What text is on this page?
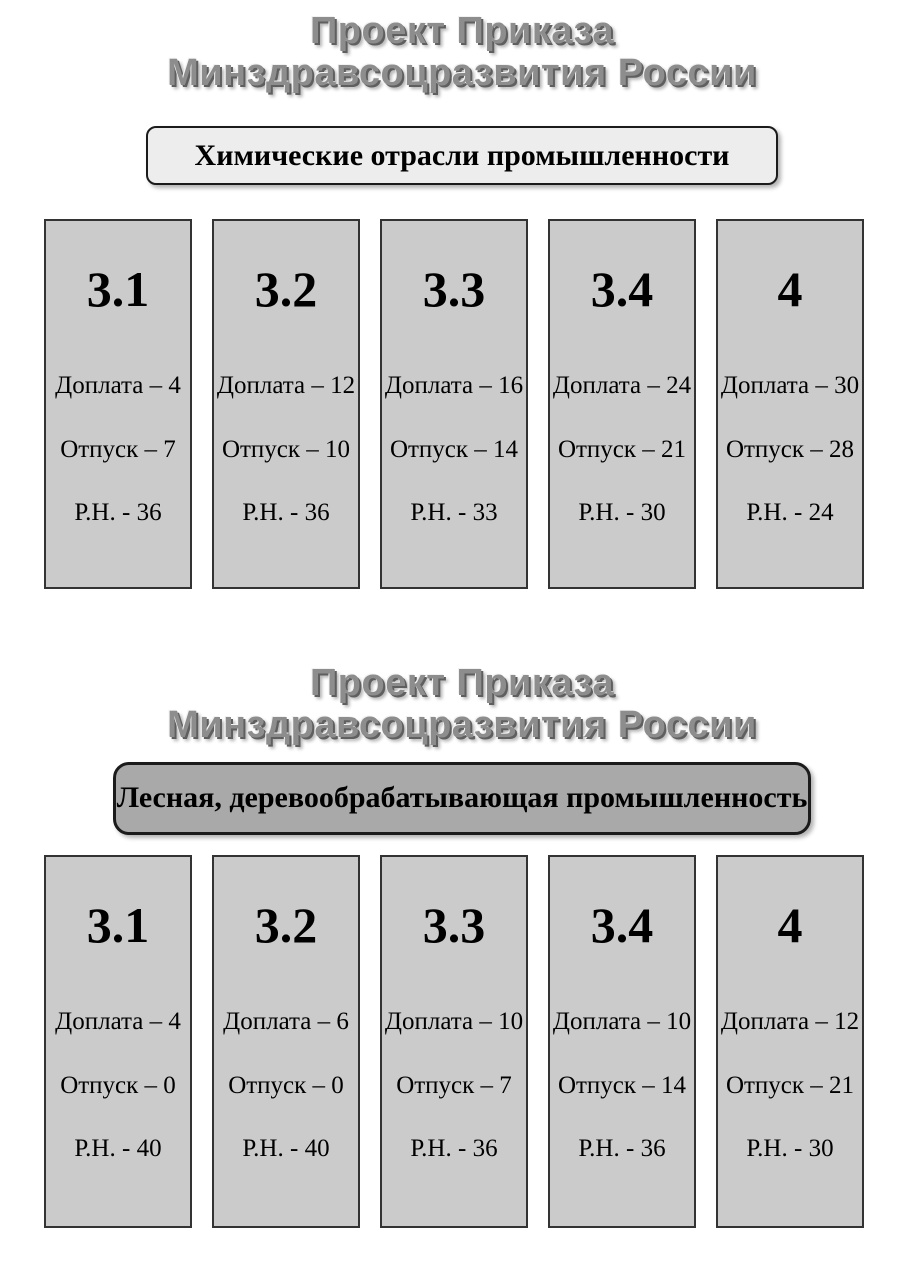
Проект Приказа
Минздравсоцразвития России
Химические отрасли промышленности
3.1
Доплата – 4
Отпуск – 7
Р.Н. - 36
3.2
Доплата – 12
Отпуск – 10
Р.Н. - 36
3.3
Доплата – 16
Отпуск – 14
Р.Н. - 33
3.4
Доплата – 24
Отпуск – 21
Р.Н. - 30
4
Доплата – 30
Отпуск – 28
Р.Н. - 24
Проект Приказа
Минздравсоцразвития России
Лесная, деревообрабатывающая промышленность
3.1
Доплата – 4
Отпуск – 0
Р.Н. - 40
3.2
Доплата – 6
Отпуск – 0
Р.Н. - 40
3.3
Доплата – 10
Отпуск – 7
Р.Н. - 36
3.4
Доплата – 10
Отпуск – 14
Р.Н. - 36
4
Доплата – 12
Отпуск – 21
Р.Н. - 30
